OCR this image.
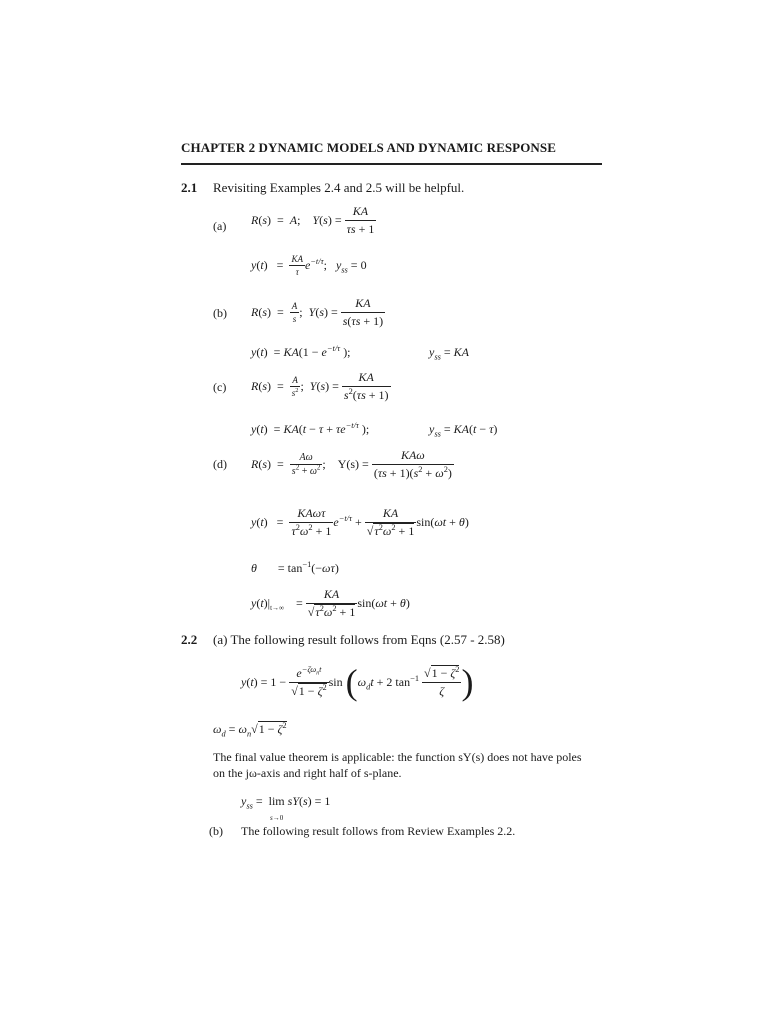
CHAPTER 2 DYNAMIC MODELS AND DYNAMIC RESPONSE
2.1 Revisiting Examples 2.4 and 2.5 will be helpful.
(a) R(s)  =  A;    $Y(s) = \frac{KA}{\tau s + 1}$
$y(t) = \frac{KA}{\tau} e^{-t/\tau}$;   $y_{ss} = 0$
(b) $R(s) = \frac{A}{s}$ ;  $Y(s) = \frac{KA}{s(\tau s + 1)}$
$y(t) = KA(1 - e^{-t/\tau}$ );	$y_{ss}$ = KA
(c) $R(s) = \frac{A}{s^2}$ ;  $Y(s) = \frac{KA}{s^2(\tau s + 1)}$
$y(t) = KA(t - \tau + \tau e^{-t/\tau}$ );	$y_{ss} = KA(t - \tau)$
(d) $R(s) = \frac{A\omega}{s^2 + \omega^2}$ ;    $Y(s) = \frac{\text{KAω}}{(\tau s + 1)(s^2 + \omega^2)}$
$y(t) = \frac{\text{KAωτ}}{\tau^2\omega^2 + 1} e^{-t/\tau} + \frac{KA}{√\tau^2\omega^2 + 1} \sin(\omega t + \theta)$
θ       = $\tan^{-1}(-\omega\tau)$
$y(t)|_{t\to\infty}$    = $\frac{KA}{√\tau^2\omega^2 + 1} \sin(\omega t + \theta)$
2.2 (a) The following result follows from Eqns (2.57 - 2.58)
$y(t) = 1 - \frac{e^{-\zeta\omega_nt}}{√1 - \zeta^2}$ $\sin (\omega_dt + 2$ $\tan^{-1} \frac{√1 - \zeta^2}{\zeta}$ )
$\omega_d = \omega_n√1 - \zeta^2$
The final value theorem is applicable: the function sY(s) does not have poles
on the jω-axis and right half of s-plane.
$y_{ss} = \lim$
s→0 sY(s) = 1
(b) The following result follows from Review Examples 2.2.
